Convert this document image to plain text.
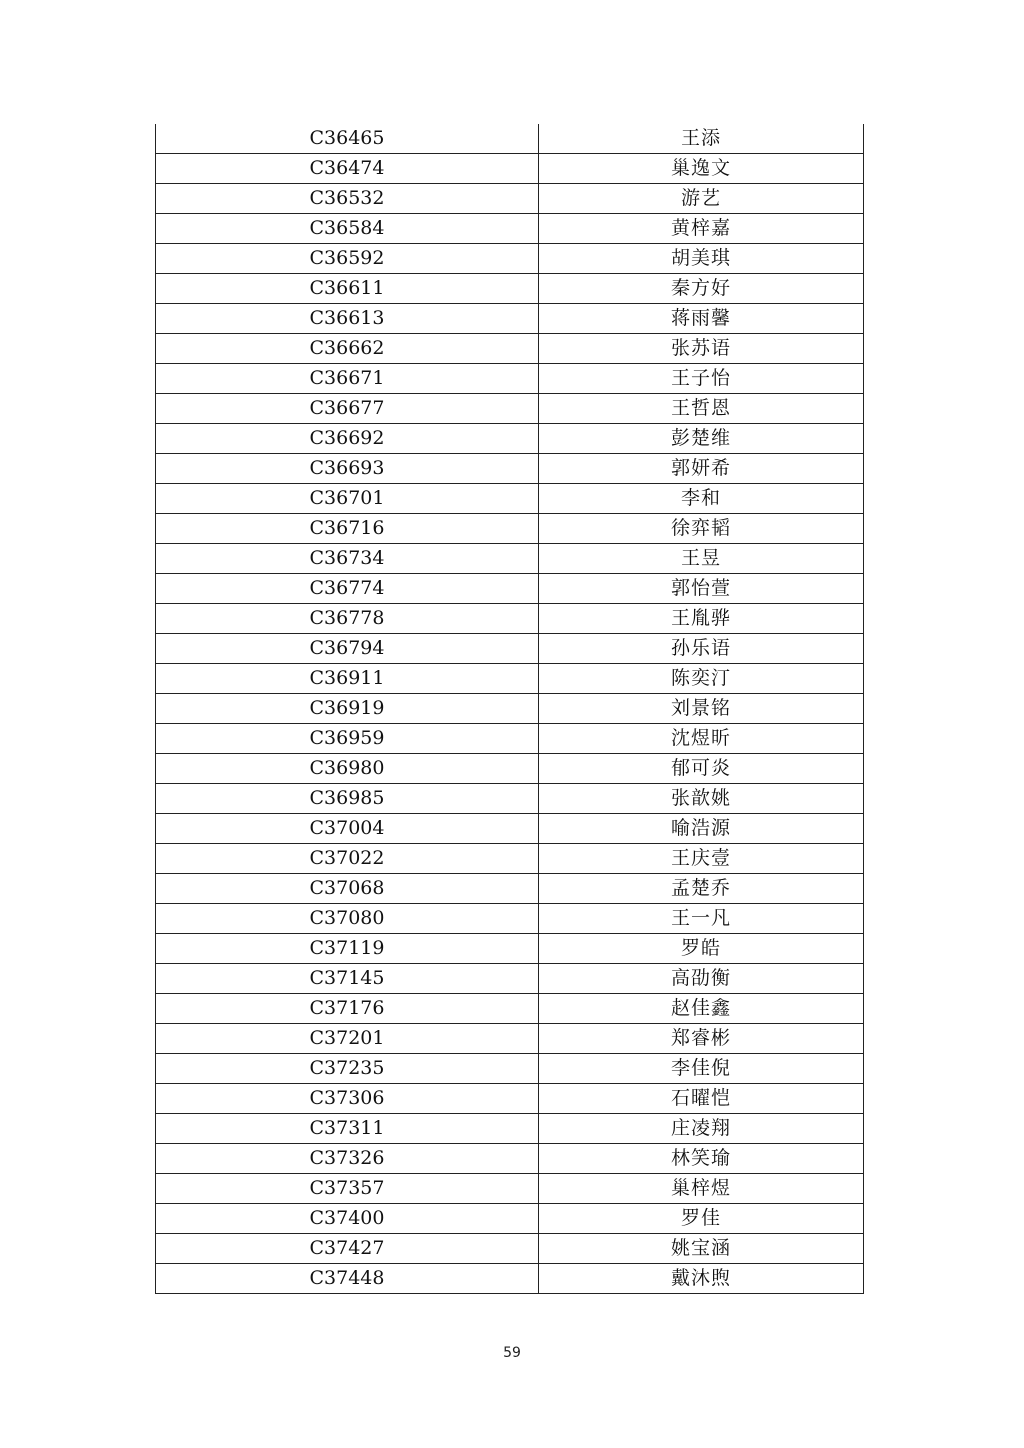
C36465	王添
C36474	巢逸文
C36532	游艺
C36584	黄梓嘉
C36592	胡美琪
C36611	秦方好
C36613	蒋雨馨
C36662	张苏语
C36671	王子怡
C36677	王哲恩
C36692	彭楚维
C36693	郭妍希
C36701	李和
C36716	徐弈韬
C36734	王昱
C36774	郭怡萱
C36778	王胤骅
C36794	孙乐语
C36911	陈奕汀
C36919	刘景铭
C36959	沈煜昕
C36980	郁可炎
C36985	张歆姚
C37004	喻浩源
C37022	王庆壹
C37068	孟楚乔
C37080	王一凡
C37119	罗皓
C37145	高劭衡
C37176	赵佳鑫
C37201	郑睿彬
C37235	李佳倪
C37306	石曜恺
C37311	庄凌翔
C37326	林笑瑜
C37357	巢梓煜
C37400	罗佳
C37427	姚宝涵
C37448	戴沐煦
59
